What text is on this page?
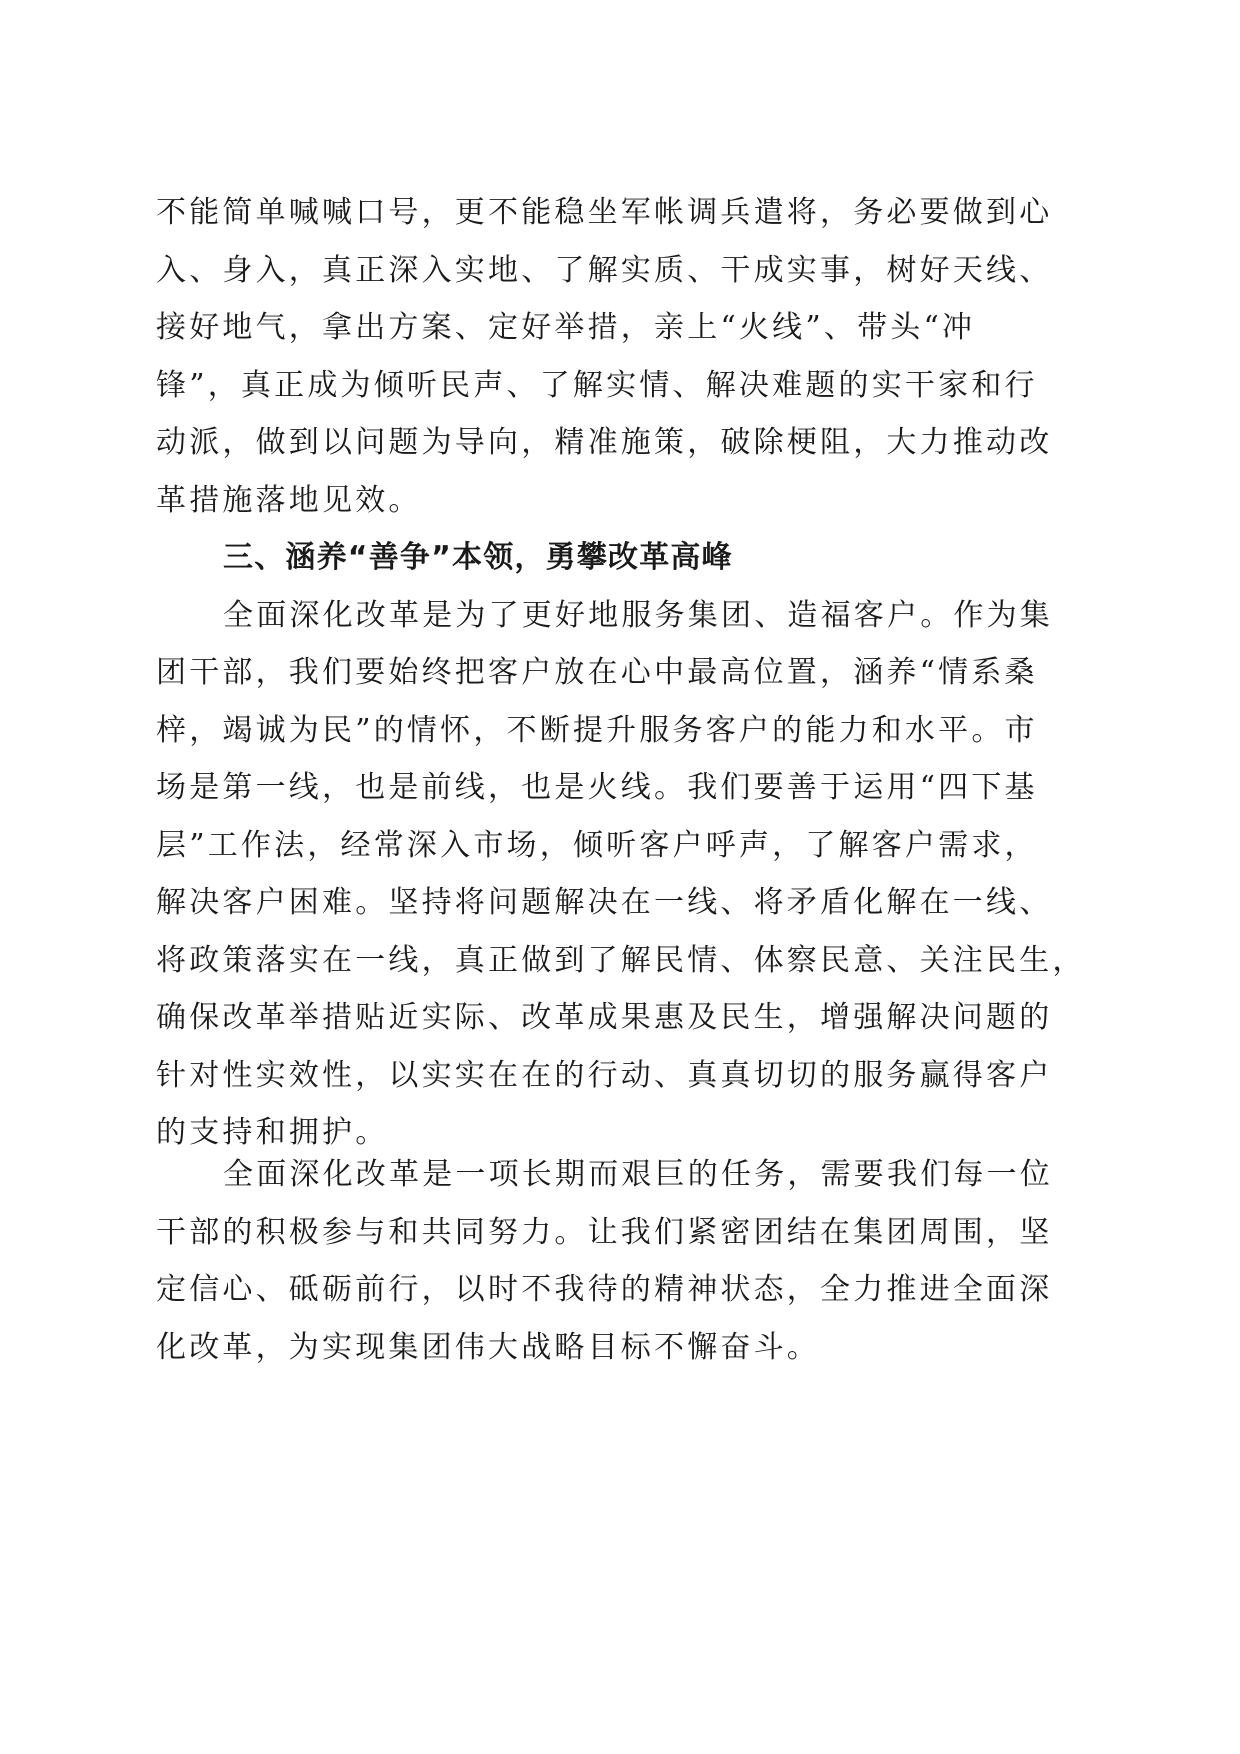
不能简单喊喊口号，更不能稳坐军帐调兵遣将，务必要做到心
入、身入，真正深入实地、了解实质、干成实事，树好天线、
接好地气，拿出方案、定好举措，亲上“火线”、带头“冲
锋”，真正成为倾听民声、了解实情、解决难题的实干家和行
动派，做到以问题为导向，精准施策，破除梗阻，大力推动改
革措施落地见效。
三、涵养“善争”本领，勇攀改革高峰
全面深化改革是为了更好地服务集团、造福客户。作为集
团干部，我们要始终把客户放在心中最高位置，涵养“情系桑
梓，竭诚为民”的情怀，不断提升服务客户的能力和水平。市
场是第一线，也是前线，也是火线。我们要善于运用“四下基
层”工作法，经常深入市场，倾听客户呼声，了解客户需求，
解决客户困难。坚持将问题解决在一线、将矛盾化解在一线、
将政策落实在一线，真正做到了解民情、体察民意、关注民生，
确保改革举措贴近实际、改革成果惠及民生，增强解决问题的
针对性实效性，以实实在在的行动、真真切切的服务赢得客户
的支持和拥护。
全面深化改革是一项长期而艰巨的任务，需要我们每一位
干部的积极参与和共同努力。让我们紧密团结在集团周围，坚
定信心、砥砺前行，以时不我待的精神状态，全力推进全面深
化改革，为实现集团伟大战略目标不懈奋斗。
